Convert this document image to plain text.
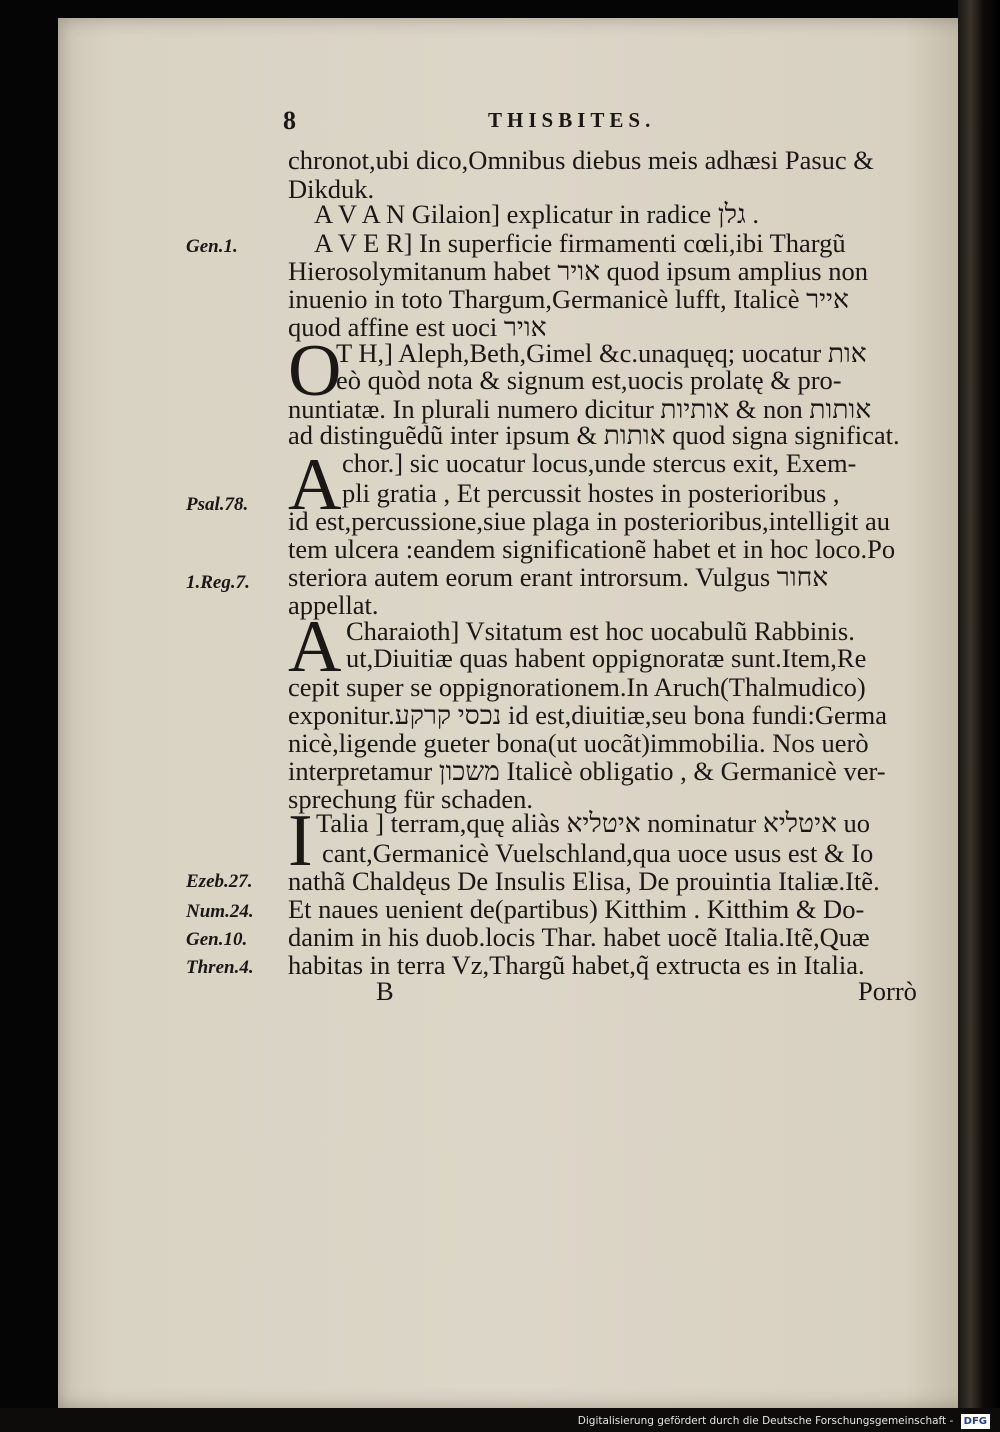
8	THISBITES.
Gen.1.
Psal.78.
1.Reg.7.
Ezeb.27.
Num.24.
Gen.10.
Thren.4.
O
A
A
I
chronot,ubi dico,Omnibus diebus meis adhæsi Pasuc &
Dikduk.
A V A N Gilaion] explicatur in radice גלן .
A V E R] In superficie firmamenti cœli,ibi Thargũ
Hierosolymitanum habet אויר quod ipsum amplius non
inuenio in toto Thargum,Germanicè lufft, Italicè אייר
quod affine est uoci אויר
T H,] Aleph,Beth,Gimel &c.unaquęq; uocatur אות
eò quòd nota & signum est,uocis prolatę & pro-
nuntiatæ. In plurali numero dicitur אותיות & non אותות
ad distinguẽdũ inter ipsum & אותות quod signa significat.
chor.] sic uocatur locus,unde stercus exit, Exem-
pli gratia , Et percussit hostes in posterioribus ,
id est,percussione,siue plaga in posterioribus,intelligit au
tem ulcera :eandem significationẽ habet et in hoc loco.Po
steriora autem eorum erant introrsum. Vulgus אחור
appellat.
Charaioth] Vsitatum est hoc uocabulũ Rabbinis.
ut,Diuitiæ quas habent oppignoratæ sunt.Item,Re
cepit super se oppignorationem.In Aruch(Thalmudico)
exponitur.נכסי קרקע id est,diuitiæ,seu bona fundi:Germa
nicè,ligende gueter bona(ut uocãt)immobilia. Nos uerò
interpretamur משכון Italicè obligatio , & Germanicè ver-
sprechung für schaden.
Talia ] terram,quę aliàs איטליא nominatur איטליא uo
cant,Germanicè Vuelschland,qua uoce usus est & Io
nathã Chaldęus De Insulis Elisa, De prouintia Italiæ.Itẽ.
Et naues uenient de(partibus) Kitthim . Kitthim & Do-
danim in his duob.locis Thar. habet uocẽ Italia.Itẽ,Quæ
habitas in terra Vz,Thargũ habet,q̃ extructa es in Italia.
B	Porrò
Digitalisierung gefördert durch die Deutsche Forschungsgemeinschaft - DFG
